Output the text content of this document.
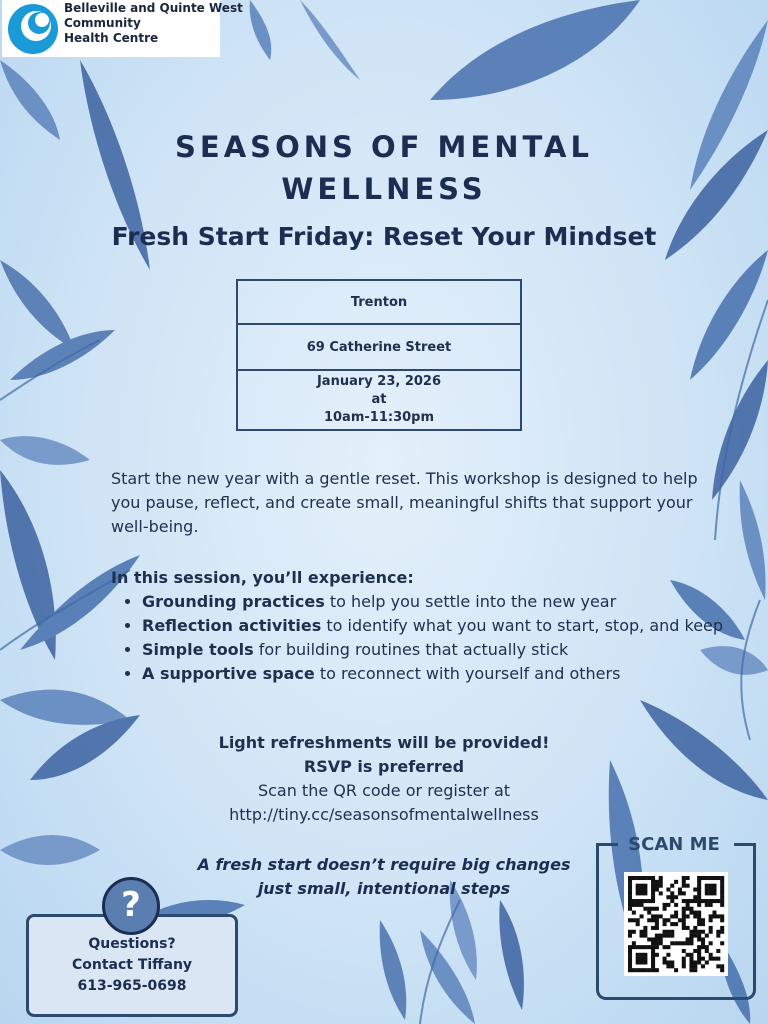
Belleville and Quinte West
Community
Health Centre
SEASONS OF MENTAL
WELLNESS
Fresh Start Friday: Reset Your Mindset
Trenton
69 Catherine Street

January 23, 2026
at
10am-11:30pm
Start the new year with a gentle reset. This workshop is designed to help you pause, reflect, and create small, meaningful shifts that support your well-being.
In this session, you’ll experience:
• Grounding practices to help you settle into the new year
• Reflection activities to identify what you want to start, stop, and keep
• Simple tools for building routines that actually stick
• A supportive space to reconnect with yourself and others
Light refreshments will be provided!
RSVP is preferred
Scan the QR code or register at
http://tiny.cc/seasonsofmentalwellness
A fresh start doesn’t require big changes
just small, intentional steps
?
Questions?
Contact Tiffany
613-965-0698
SCAN ME
